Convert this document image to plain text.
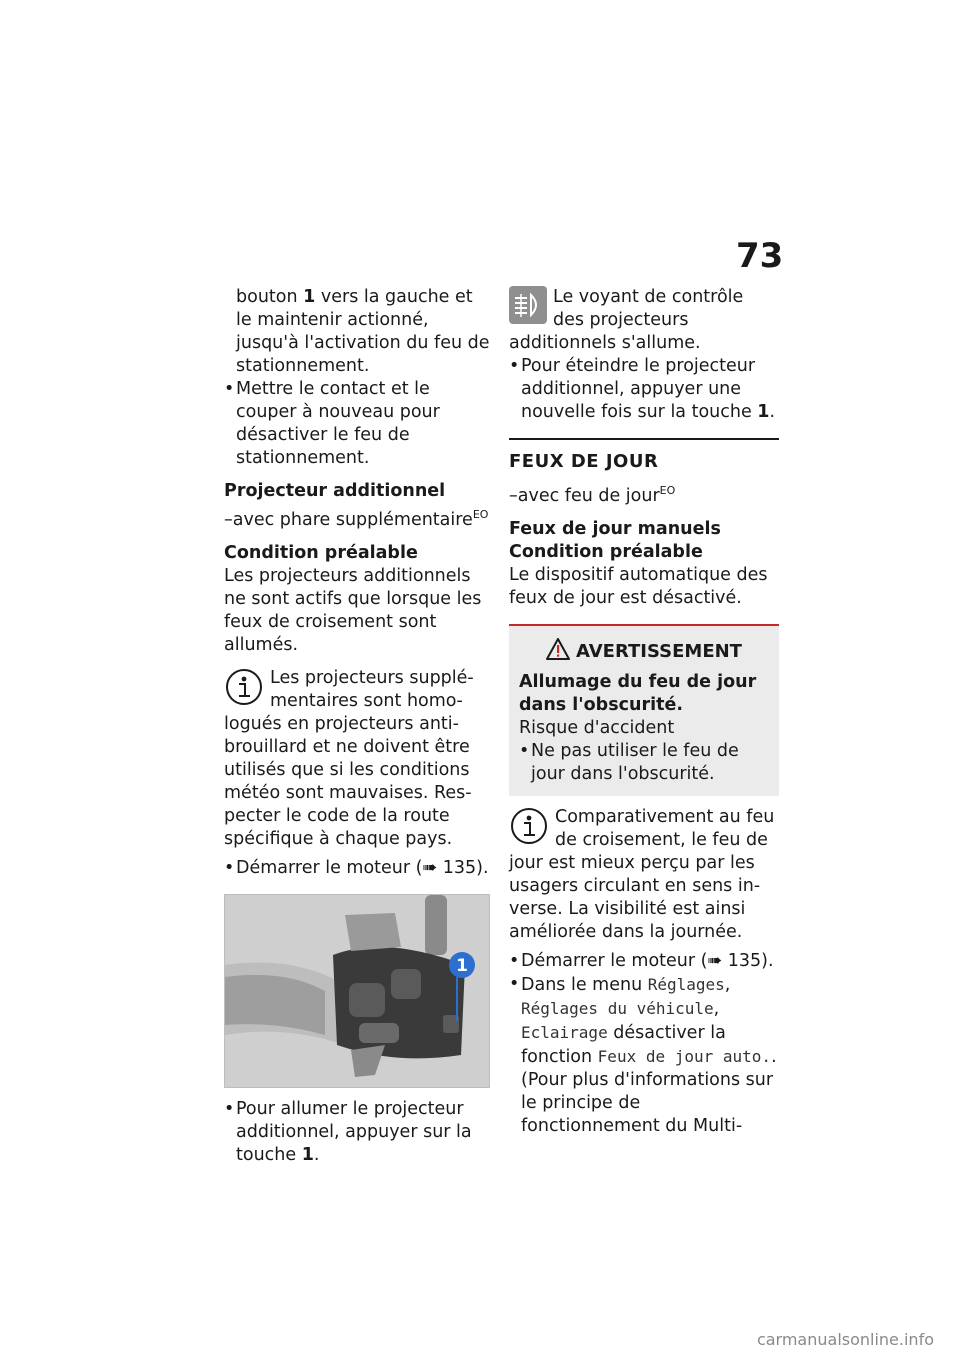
73

bouton 1 vers la gauche et le maintenir actionné, jusqu'à l'activation du feu de stationnement.

• Mettre le contact et le couper à nouveau pour désactiver le feu de stationnement.

Projecteur additionnel

–avec phare supplémentaire$^{EO}$

Condition préalable

Les projecteurs additionnels ne sont actifs que lorsque les feux de croisement sont allumés.

Les projecteurs supplémentaires sont homologués en projecteurs antibrouillard et ne doivent être utilisés que si les conditions météo sont mauvaises. Respecter le code de la route spécifique à chaque pays.

• Démarrer le moteur (➠ 135).

1

• Pour allumer le projecteur additionnel, appuyer sur la touche 1.

Le voyant de contrôle des projecteurs additionnels s'allume.

• Pour éteindre le projecteur additionnel, appuyer une nouvelle fois sur la touche 1.

FEUX DE JOUR

–avec feu de jour$^{EO}$

Feux de jour manuels

Condition préalable

Le dispositif automatique des feux de jour est désactivé.

AVERTISSEMENT

Allumage du feu de jour dans l'obscurité.

Risque d'accident

• Ne pas utiliser le feu de jour dans l'obscurité.

Comparativement au feu de croisement, le feu de jour est mieux perçu par les usagers circulant en sens inverse. La visibilité est ainsi améliorée dans la journée.

• Démarrer le moteur (➠ 135).

• Dans le menu Réglages, Réglages du véhicule, Eclairage désactiver la fonction Feux de jour auto.. (Pour plus d'informations sur le principe de fonctionnement du Multi-

carmanualsonline.info
